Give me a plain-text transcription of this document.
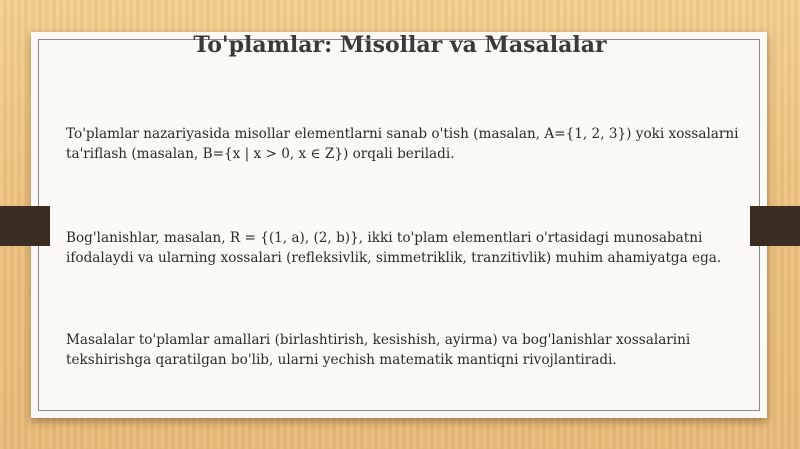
To'plamlar: Misollar va Masalalar

To'plamlar nazariyasida misollar elementlarni sanab o'tish (masalan, A={1, 2, 3}) yoki xossalarni ta'riflash (masalan, B={x | x > 0, x ∈ Z}) orqali beriladi.

Bog'lanishlar, masalan, R = {(1, a), (2, b)}, ikki to'plam elementlari o'rtasidagi munosabatni ifodalaydi va ularning xossalari (refleksivlik, simmetriklik, tranzitivlik) muhim ahamiyatga ega.

Masalalar to'plamlar amallari (birlashtirish, kesishish, ayirma) va bog'lanishlar xossalarini tekshirishga qaratilgan bo'lib, ularni yechish matematik mantiqni rivojlantiradi.
